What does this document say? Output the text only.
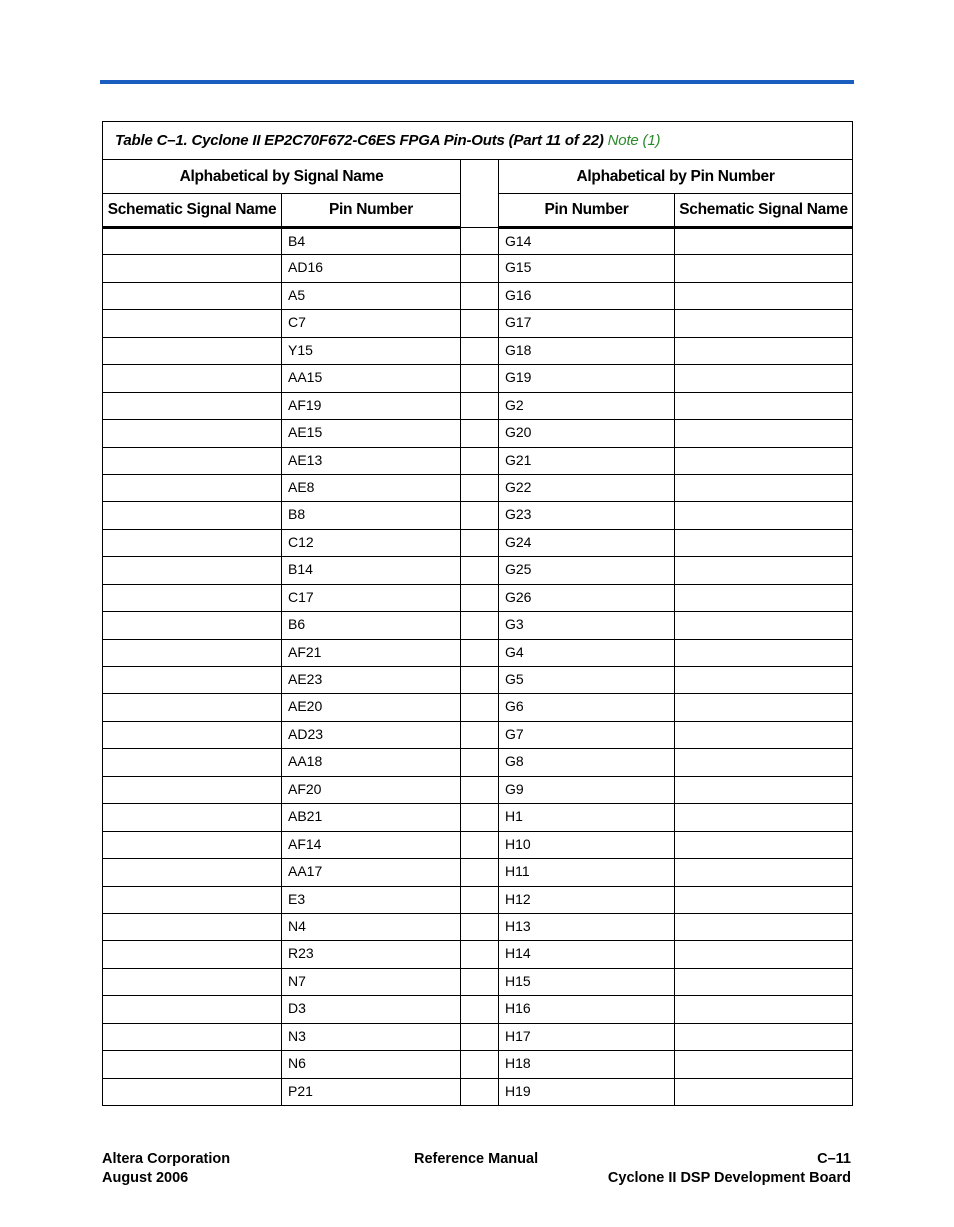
Table C–1. Cyclone II EP2C70F672-C6ES FPGA Pin-Outs (Part 11 of 22) Note (1)				
Alphabetical by Signal Name			Alphabetical by Pin Number	
Schematic Signal Name	Pin Number		Pin Number	Schematic Signal Name
	B4		G14	
	AD16		G15	
	A5		G16	
	C7		G17	
	Y15		G18	
	AA15		G19	
	AF19		G2	
	AE15		G20	
	AE13		G21	
	AE8		G22	
	B8		G23	
	C12		G24	
	B14		G25	
	C17		G26	
	B6		G3	
	AF21		G4	
	AE23		G5	
	AE20		G6	
	AD23		G7	
	AA18		G8	
	AF20		G9	
	AB21		H1	
	AF14		H10	
	AA17		H11	
	E3		H12	
	N4		H13	
	R23		H14	
	N7		H15	
	D3		H16	
	N3		H17	
	N6		H18	
	P21		H19	
Altera Corporation
August 2006
Reference Manual	C–11
Cyclone II DSP Development Board
